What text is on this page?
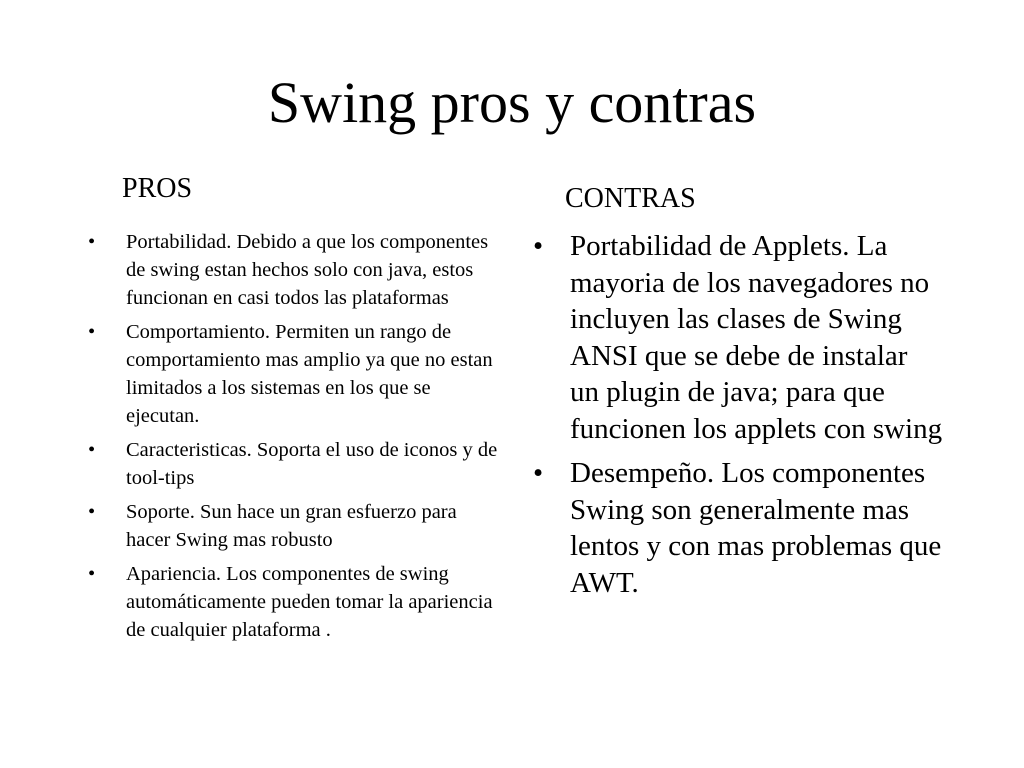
Swing pros y contras
PROS	CONTRAS
• Portabilidad. Debido a que los componentes de swing estan hechos solo con java, estos funcionan en casi todos las plataformas
• Comportamiento. Permiten un rango de comportamiento mas amplio ya que no estan limitados a los sistemas en los que se ejecutan.
• Caracteristicas. Soporta el uso de iconos y de tool-tips
• Soporte. Sun hace un gran esfuerzo para hacer Swing mas robusto
• Apariencia. Los componentes de swing automáticamente pueden tomar la apariencia de cualquier plataforma .
• Portabilidad de Applets. La mayoria de los navegadores no incluyen las clases de Swing ANSI que se debe de instalar un plugin de java; para que funcionen los applets con swing
• Desempeño. Los componentes Swing son generalmente mas lentos y con mas problemas que AWT.
